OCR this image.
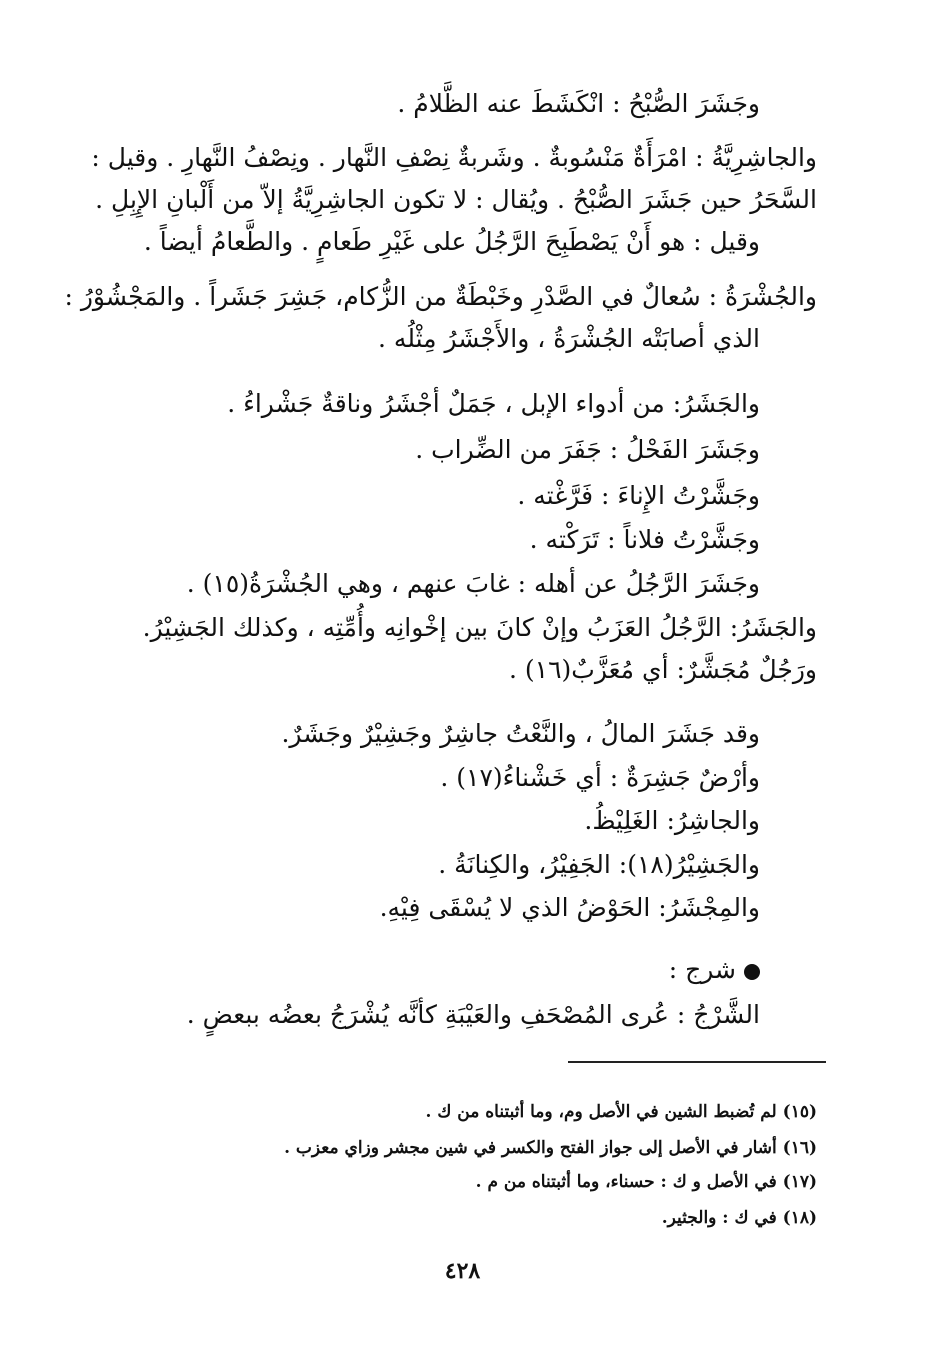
وجَشَرَ الصُّبْحُ : انْكَشَطَ عنه الظَّلامُ .
والجاشِرِيَّةُ : امْرَأَةٌ مَنْسُوبةٌ . وشَربةٌ نِصْفِ النَّهار . ونِصْفُ النَّهارِ . وقيل :
السَّحَرُ حين جَشَرَ الصُّبْحُ . ويُقال : لا تكون الجاشِرِيَّةُ إلاّ من أَلْبانِ الإِبِلِ .
وقيل : هو أَنْ يَصْطَبِحَ الرَّجُلُ على غَيْرِ طَعامٍ . والطَّعامُ أيضاً .
والجُشْرَةُ : سُعالٌ في الصَّدْرِ وخَبْطَةٌ من الزُّكام، جَشِرَ جَشَراً . والمَجْشُوْرُ :
الذي أصابَتْه الجُشْرَةُ ، والأَجْشَرُ مِثْلُه .
والجَشَرُ: من أدواء الإبل ، جَمَلٌ أجْشَرُ وناقةٌ جَشْراءُ .
وجَشَرَ الفَحْلُ : جَفَرَ من الضِّراب .
وجَشَّرْتُ الإِناءَ : فَرَّغْته .
وجَشَّرْتُ فلاناً : تَرَكْته .
وجَشَرَ الرَّجُلُ عن أهله : غابَ عنهم ، وهي الجُشْرَةُ(١٥) .
والجَشَرُ: الرَّجُلُ العَزَبُ وإنْ كانَ بين إخْوانِه وأُمِّتِه ، وكذلك الجَشِيْرُ.
ورَجُلٌ مُجَشَّرٌ: أي مُعَزَّبٌ(١٦) .
وقد جَشَرَ المالُ ، والنَّعْتُ جاشِرٌ وجَشِيْرٌ وجَشَرٌ.
وأرْضٌ جَشِرَةٌ : أي خَشْناءُ(١٧) .
والجاشِرُ: الغَلِيْظُ.
والجَشِيْرُ(١٨): الجَفِيْرُ، والكِنانَةُ .
والمِجْشَرُ: الحَوْضُ الذي لا يُسْقَى فِيْهِ.
شرج :
الشَّرْجُ : عُرى المُصْحَفِ والعَيْبَةِ كأنَّه يُشْرَجُ بعضُه ببعضٍ .
(١٥) لم تُضبط الشين في الأصل وم، وما أثبتناه من ك .
(١٦) أشار في الأصل إلى جواز الفتح والكسر في شين مجشر وزاي معزب .
(١٧) في الأصل و ك : حسناء، وما أثبتناه من م .
(١٨) في ك : والجثير.
٤٢٨
